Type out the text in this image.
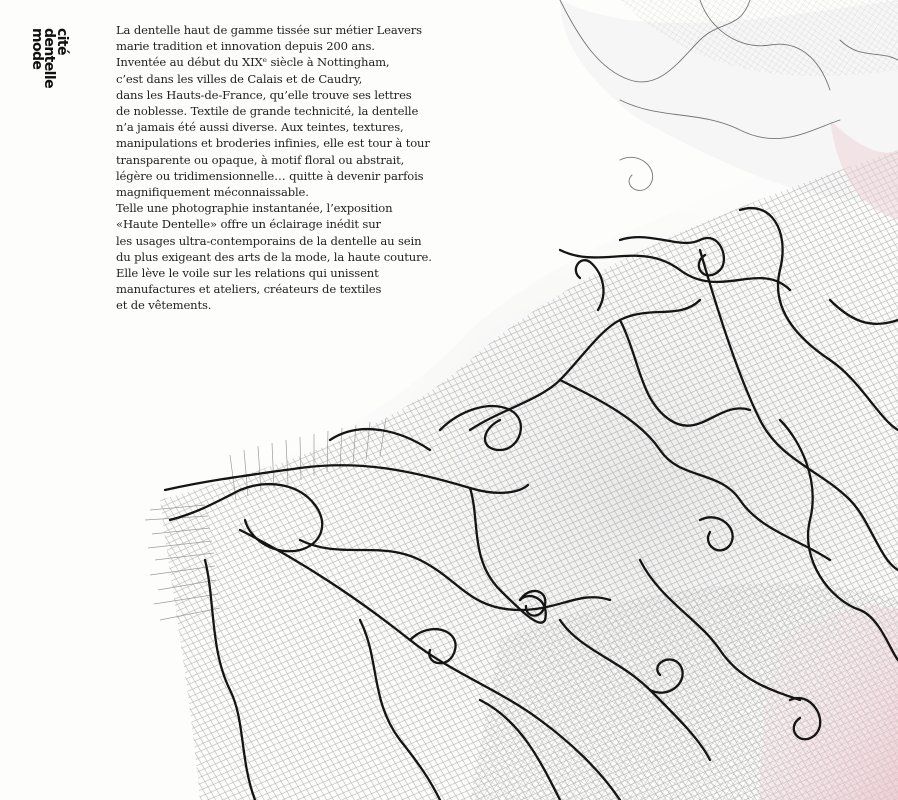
cité
dentelle
mode	La dentelle haut de gamme tissée sur métier Leavers
marie tradition et innovation depuis 200 ans.
Inventée au début du XIXᵉ siècle à Nottingham,
c’est dans les villes de Calais et de Caudry,
dans les Hauts-de-France, qu’elle trouve ses lettres
de noblesse. Textile de grande technicité, la dentelle
n’a jamais été aussi diverse. Aux teintes, textures,
manipulations et broderies infinies, elle est tour à tour
transparente ou opaque, à motif floral ou abstrait,
légère ou tridimensionnelle… quitte à devenir parfois
magnifiquement méconnaissable.
Telle une photographie instantanée, l’exposition
«Haute Dentelle» offre un éclairage inédit sur
les usages ultra-contemporains de la dentelle au sein
du plus exigeant des arts de la mode, la haute couture.
Elle lève le voile sur les relations qui unissent
manufactures et ateliers, créateurs de textiles
et de vêtements.
